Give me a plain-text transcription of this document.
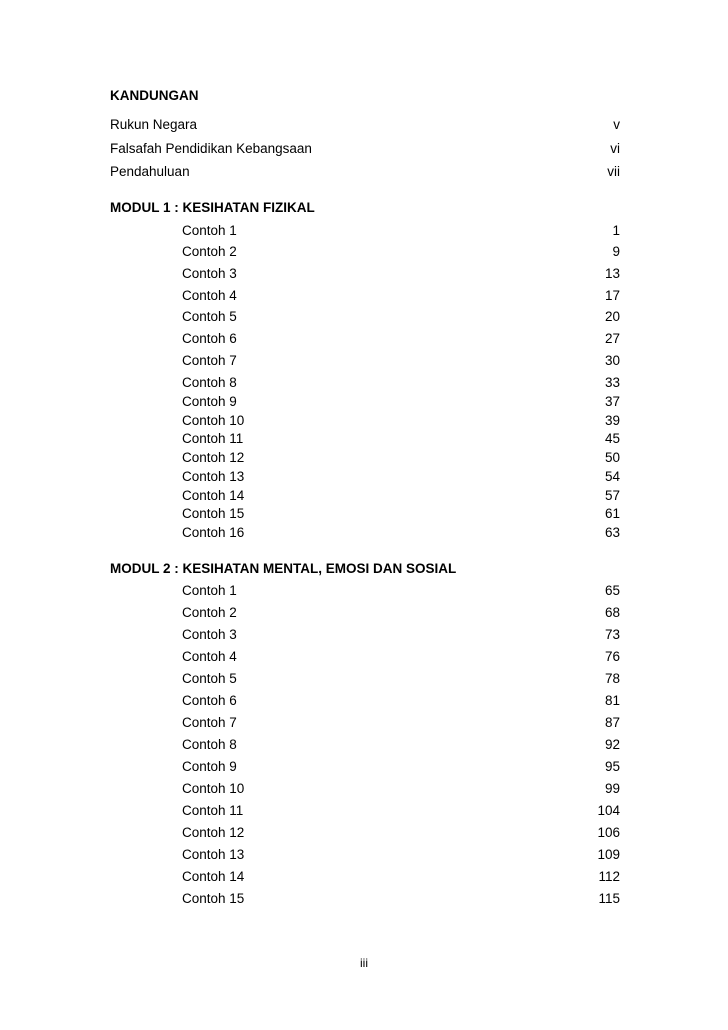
KANDUNGAN
Rukun Negara	v
Falsafah Pendidikan Kebangsaan	vi
Pendahuluan	vii
MODUL 1 : KESIHATAN FIZIKAL
Contoh 1	1
Contoh 2	9
Contoh 3	13
Contoh 4	17
Contoh 5	20
Contoh 6	27
Contoh 7	30
Contoh 8	33
Contoh 9	37
Contoh 10	39
Contoh 11	45
Contoh 12	50
Contoh 13	54
Contoh 14	57
Contoh 15	61
Contoh 16	63
MODUL 2 : KESIHATAN MENTAL, EMOSI DAN SOSIAL
Contoh 1	65
Contoh 2	68
Contoh 3	73
Contoh 4	76
Contoh 5	78
Contoh 6	81
Contoh 7	87
Contoh 8	92
Contoh 9	95
Contoh 10	99
Contoh 11	104
Contoh 12	106
Contoh 13	109
Contoh 14	112
Contoh 15	115
iii
